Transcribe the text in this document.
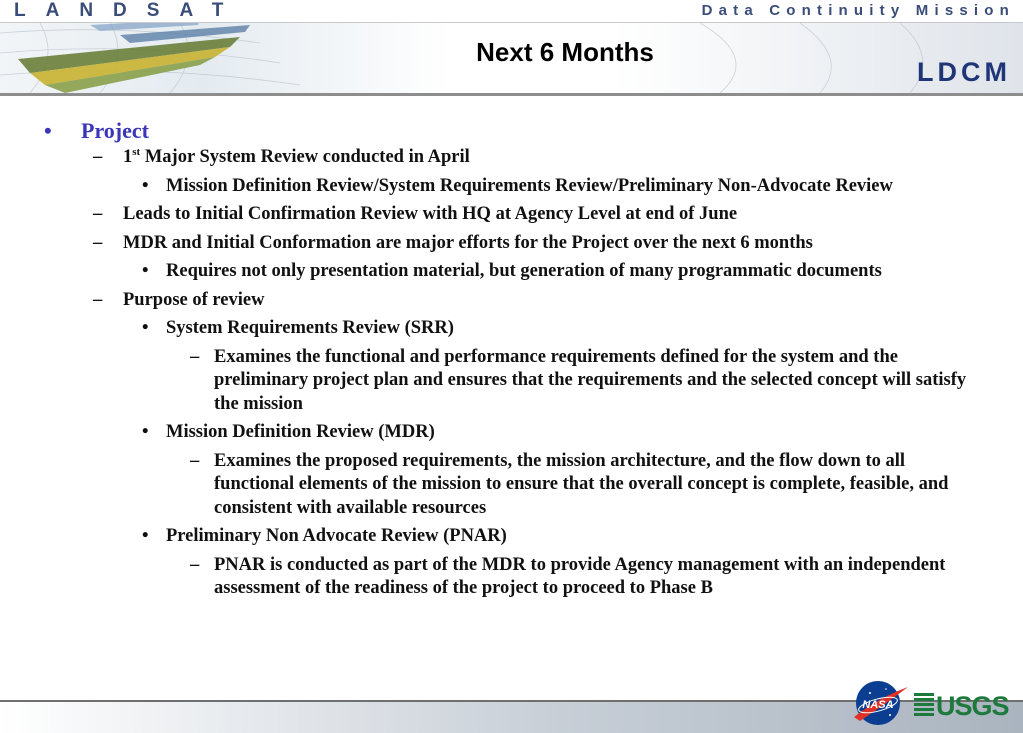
LANDSAT	Data Continuity Mission
Next 6 Months
LDCM
• Project
– 1st Major System Review conducted in April
• Mission Definition Review/System Requirements Review/Preliminary Non-Advocate Review
– Leads to Initial Confirmation Review with HQ at Agency Level at end of June
– MDR and Initial Conformation are major efforts for the Project over the next 6 months
• Requires not only presentation material, but generation of many programmatic documents
– Purpose of review
• System Requirements Review (SRR)
– Examines the functional and performance requirements defined for the system and the preliminary project plan and ensures that the requirements and the selected concept will satisfy the mission
• Mission Definition Review (MDR)
– Examines the proposed requirements, the mission architecture, and the flow down to all functional elements of the mission to ensure that the overall concept is complete, feasible, and consistent with available resources
• Preliminary Non Advocate Review (PNAR)
– PNAR is conducted as part of the MDR to provide Agency management with an independent assessment of the readiness of the project to proceed to Phase B
NASA USGS
